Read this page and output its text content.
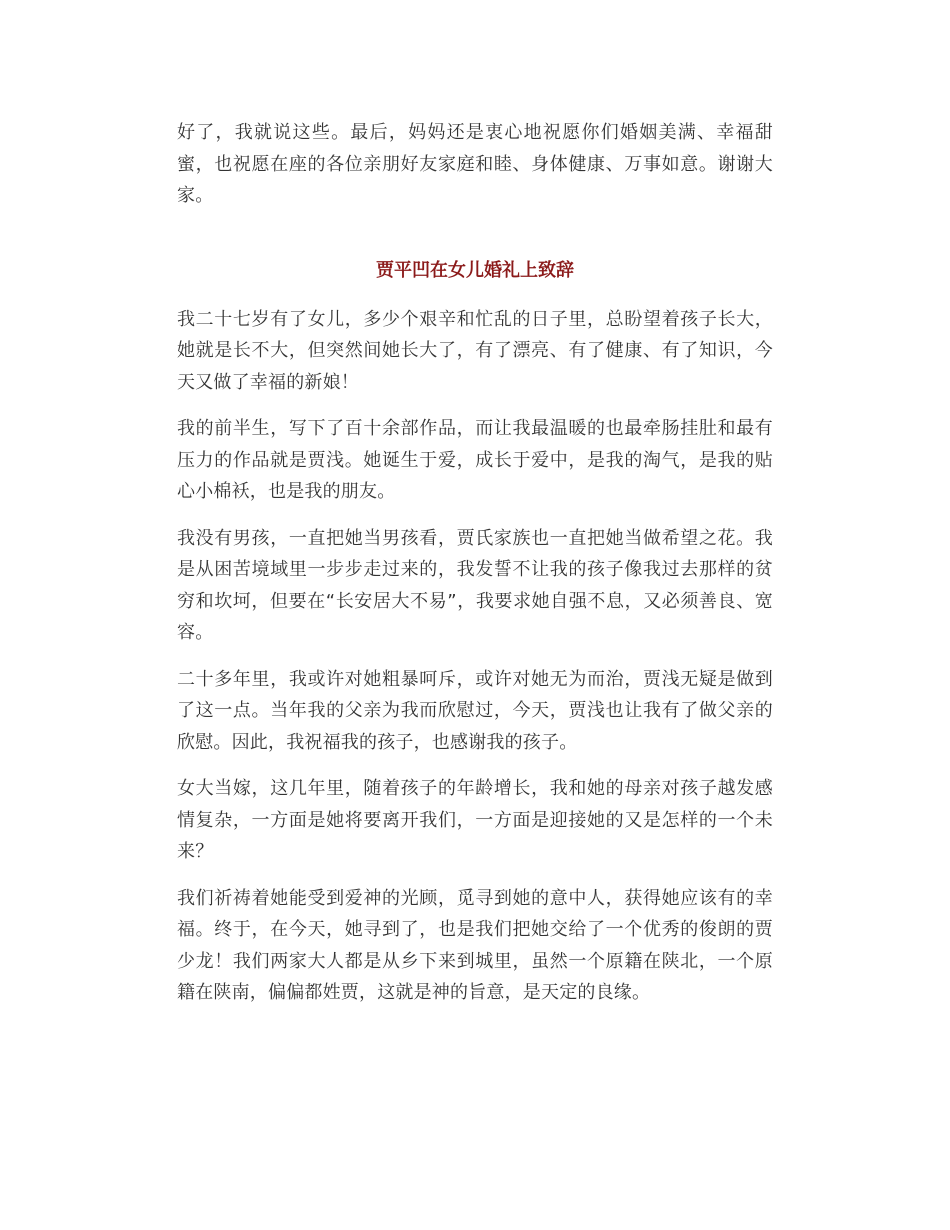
好了，我就说这些。最后，妈妈还是衷心地祝愿你们婚姻美满、幸福甜蜜，也祝愿在座的各位亲朋好友家庭和睦、身体健康、万事如意。谢谢大家。

贾平凹在女儿婚礼上致辞

我二十七岁有了女儿，多少个艰辛和忙乱的日子里，总盼望着孩子长大，她就是长不大，但突然间她长大了，有了漂亮、有了健康、有了知识，今天又做了幸福的新娘！

我的前半生，写下了百十余部作品，而让我最温暖的也最牵肠挂肚和最有压力的作品就是贾浅。她诞生于爱，成长于爱中，是我的淘气，是我的贴心小棉袄，也是我的朋友。

我没有男孩，一直把她当男孩看，贾氏家族也一直把她当做希望之花。我是从困苦境域里一步步走过来的，我发誓不让我的孩子像我过去那样的贫穷和坎坷，但要在“长安居大不易”，我要求她自强不息，又必须善良、宽容。

二十多年里，我或许对她粗暴呵斥，或许对她无为而治，贾浅无疑是做到了这一点。当年我的父亲为我而欣慰过，今天，贾浅也让我有了做父亲的欣慰。因此，我祝福我的孩子，也感谢我的孩子。

女大当嫁，这几年里，随着孩子的年龄增长，我和她的母亲对孩子越发感情复杂，一方面是她将要离开我们，一方面是迎接她的又是怎样的一个未来？

我们祈祷着她能受到爱神的光顾，觅寻到她的意中人，获得她应该有的幸福。终于，在今天，她寻到了，也是我们把她交给了一个优秀的俊朗的贾少龙！我们两家大人都是从乡下来到城里，虽然一个原籍在陕北，一个原籍在陕南，偏偏都姓贾，这就是神的旨意，是天定的良缘。
